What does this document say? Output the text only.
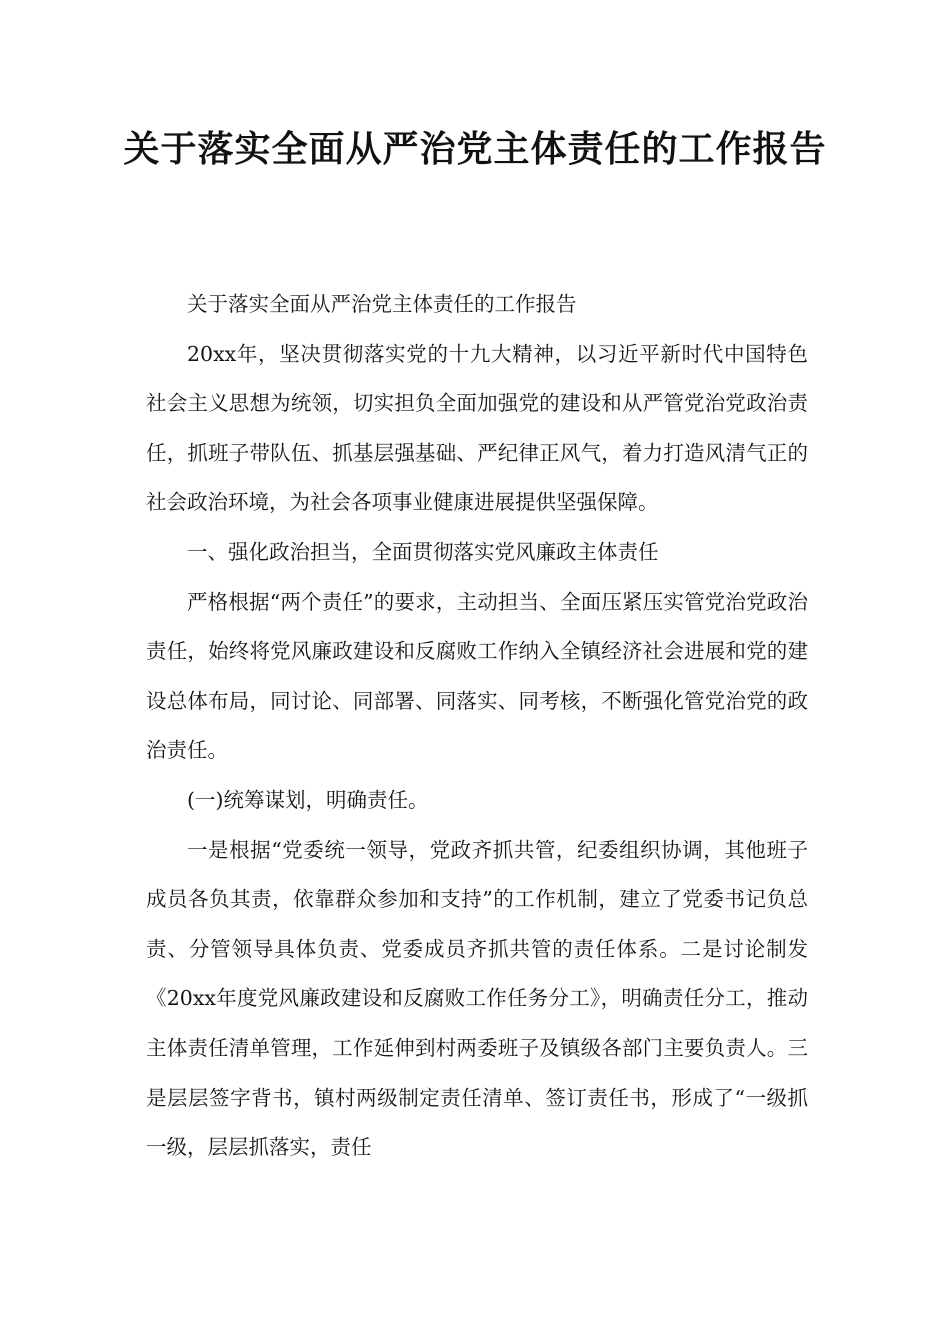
关于落实全面从严治党主体责任的工作报告

关于落实全面从严治党主体责任的工作报告

20xx年，坚决贯彻落实党的十九大精神，以习近平新时代中国特色社会主义思想为统领，切实担负全面加强党的建设和从严管党治党政治责任，抓班子带队伍、抓基层强基础、严纪律正风气，着力打造风清气正的社会政治环境，为社会各项事业健康进展提供坚强保障。

一、强化政治担当，全面贯彻落实党风廉政主体责任

严格根据“两个责任”的要求，主动担当、全面压紧压实管党治党政治责任，始终将党风廉政建设和反腐败工作纳入全镇经济社会进展和党的建设总体布局，同讨论、同部署、同落实、同考核，不断强化管党治党的政治责任。

(一)统筹谋划，明确责任。

一是根据“党委统一领导，党政齐抓共管，纪委组织协调，其他班子成员各负其责，依靠群众参加和支持”的工作机制，建立了党委书记负总责、分管领导具体负责、党委成员齐抓共管的责任体系。二是讨论制发《20xx年度党风廉政建设和反腐败工作任务分工》，明确责任分工，推动主体责任清单管理，工作延伸到村两委班子及镇级各部门主要负责人。三是层层签字背书，镇村两级制定责任清单、签订责任书，形成了“一级抓一级，层层抓落实，责任
